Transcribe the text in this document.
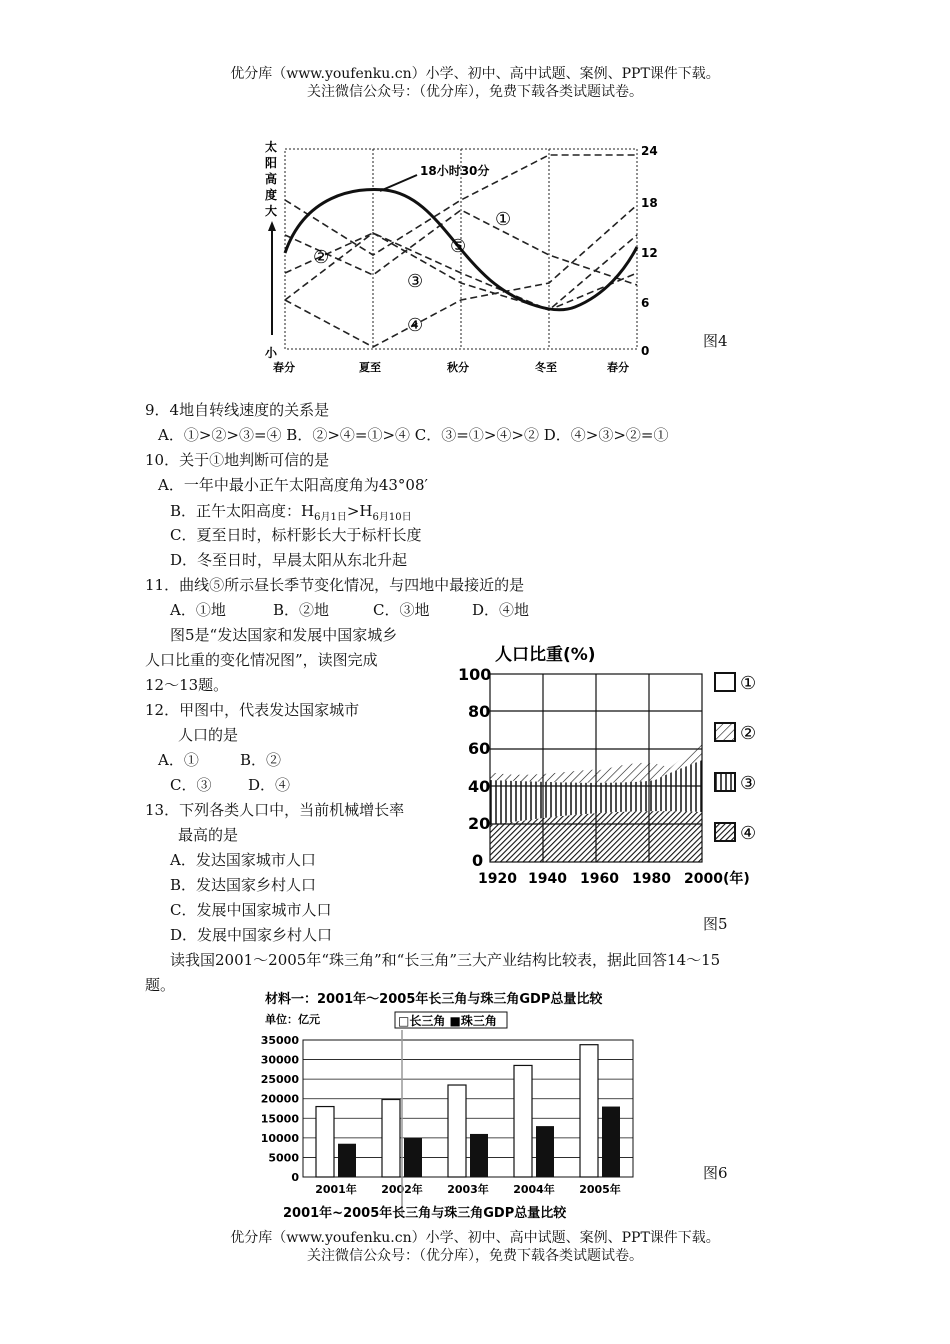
优分库（www.youfenku.cn）小学、初中、高中试题、案例、PPT课件下载。
关注微信公众号：（优分库），免费下载各类试题试卷。
太
阳
高
度
大
小
24
18
12
6
0
18小时30分
①
②
③
④
⑤
春分	夏至	秋分	冬至	春分
图4
9．4地自转线速度的关系是
A．①>②>③=④ B．②>④=①>④ C．③=①>④>② D．④>③>②=①
10．关于①地判断可信的是
A．一年中最小正午太阳高度角为43°08′
B．正午太阳高度：$H_{6月1日}>H_{6月10日}$
C．夏至日时，标杆影长大于标杆长度
D．冬至日时，早晨太阳从东北升起
11．曲线⑤所示昼长季节变化情况，与四地中最接近的是
A．①地	B．②地	C．③地	D．④地
图5是“发达国家和发展中国家城乡
人口比重的变化情况图”，读图完成
12～13题。
12．甲图中，代表发达国家城市
人口的是
A．①	B．②
C．③ D．④
13．下列各类人口中，当前机械增长率
最高的是
A．发达国家城市人口
B．发达国家乡村人口
C．发展中国家城市人口
D．发展中国家乡村人口
人口比重(%)
100
80
60
40
20
0
1920 1940 1960 1980 2000(年)
①
②
③
④
图5
读我国2001～2005年“珠三角”和“长三角”三大产业结构比较表，据此回答14～15
题。
材料一：2001年～2005年长三角与珠三角GDP总量比较
单位：亿元	□长三角 ■珠三角
35000
30000
25000
20000
15000
10000
5000
0
2001年 2002年 2003年 2004年 2005年
2001年~2005年长三角与珠三角GDP总量比较
图6
优分库（www.youfenku.cn）小学、初中、高中试题、案例、PPT课件下载。
关注微信公众号：（优分库），免费下载各类试题试卷。
